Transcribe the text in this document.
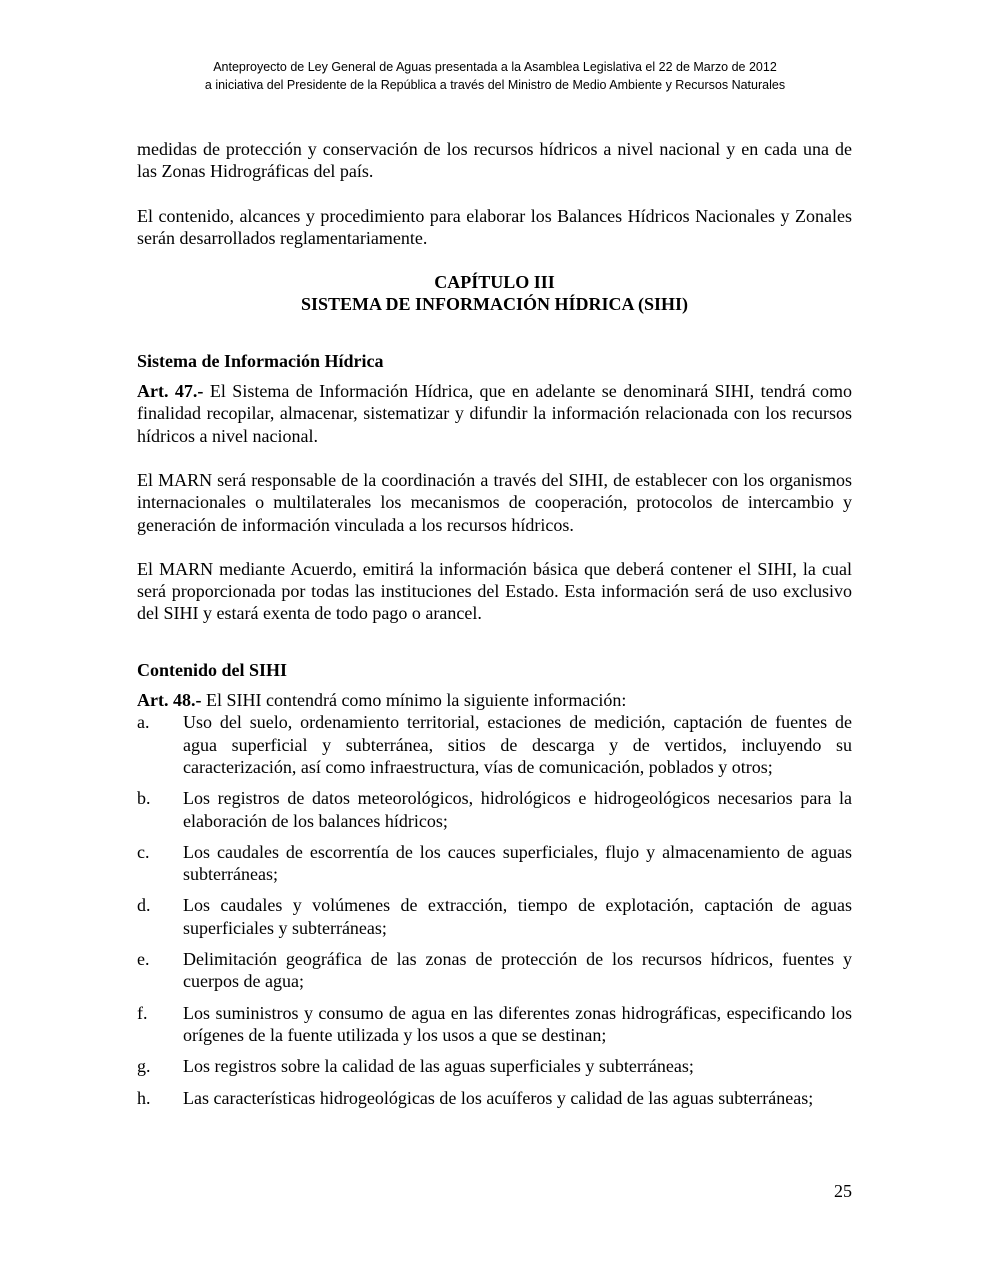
Anteproyecto de Ley General de Aguas presentada a la Asamblea Legislativa el 22 de Marzo de 2012
a iniciativa del Presidente de la República a través del Ministro de Medio Ambiente y Recursos Naturales

medidas de protección y conservación de los recursos hídricos a nivel nacional y en cada una de las Zonas Hidrográficas del país.

El contenido, alcances y procedimiento para elaborar los Balances Hídricos Nacionales y Zonales serán desarrollados reglamentariamente.

CAPÍTULO III
SISTEMA DE INFORMACIÓN HÍDRICA (SIHI)
Sistema de Información Hídrica

Art. 47.- El Sistema de Información Hídrica, que en adelante se denominará SIHI, tendrá como finalidad recopilar, almacenar, sistematizar y difundir la información relacionada con los recursos hídricos a nivel nacional.

El MARN será responsable de la coordinación a través del SIHI, de establecer con los organismos internacionales o multilaterales los mecanismos de cooperación, protocolos de intercambio y generación de información vinculada a los recursos hídricos.

El MARN mediante Acuerdo, emitirá la información básica que deberá contener el SIHI, la cual será proporcionada por todas las instituciones del Estado. Esta información será de uso exclusivo del SIHI y estará exenta de todo pago o arancel.

Contenido del SIHI

Art. 48.- El SIHI contendrá como mínimo la siguiente información:

a.	Uso del suelo, ordenamiento territorial, estaciones de medición, captación de fuentes de agua superficial y subterránea, sitios de descarga y de vertidos, incluyendo su caracterización, así como infraestructura, vías de comunicación, poblados y otros;
b.	Los registros de datos meteorológicos, hidrológicos e hidrogeológicos necesarios para la elaboración de los balances hídricos;
c.	Los caudales de escorrentía de los cauces superficiales, flujo y almacenamiento de aguas subterráneas;
d.	Los caudales y volúmenes de extracción, tiempo de explotación, captación de aguas superficiales y subterráneas;
e.	Delimitación geográfica de las zonas de protección de los recursos hídricos, fuentes y cuerpos de agua;
f.	Los suministros y consumo de agua en las diferentes zonas hidrográficas, especificando los orígenes de la fuente utilizada y los usos a que se destinan;
g.	Los registros sobre la calidad de las aguas superficiales y subterráneas;
h.	Las características hidrogeológicas de los acuíferos y calidad de las aguas subterráneas;
25
